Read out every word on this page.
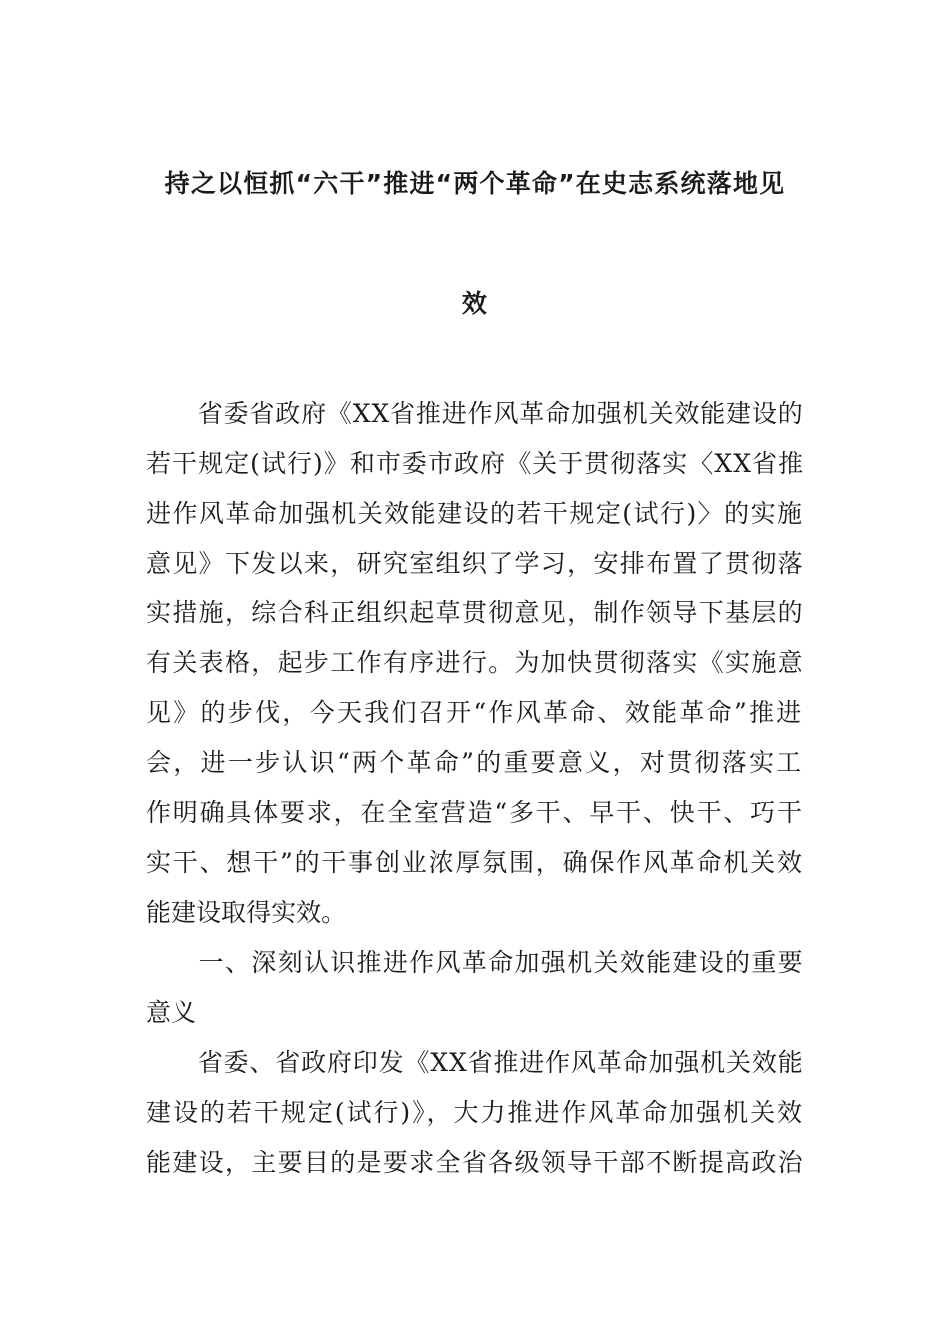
持之以恒抓“六干”推进“两个革命”在史志系统落地见
效
　　省委省政府《XX省推进作风革命加强机关效能建设的
若干规定(试行)》和市委市政府《关于贯彻落实〈XX省推
进作风革命加强机关效能建设的若干规定(试行)〉的实施
意见》下发以来，研究室组织了学习，安排布置了贯彻落
实措施，综合科正组织起草贯彻意见，制作领导下基层的
有关表格，起步工作有序进行。为加快贯彻落实《实施意
见》的步伐，今天我们召开“作风革命、效能革命”推进
会，进一步认识“两个革命”的重要意义，对贯彻落实工
作明确具体要求，在全室营造“多干、早干、快干、巧干
实干、想干”的干事创业浓厚氛围，确保作风革命机关效
能建设取得实效。
　　一、深刻认识推进作风革命加强机关效能建设的重要
意义
　　省委、省政府印发《XX省推进作风革命加强机关效能
建设的若干规定(试行)》，大力推进作风革命加强机关效
能建设，主要目的是要求全省各级领导干部不断提高政治
